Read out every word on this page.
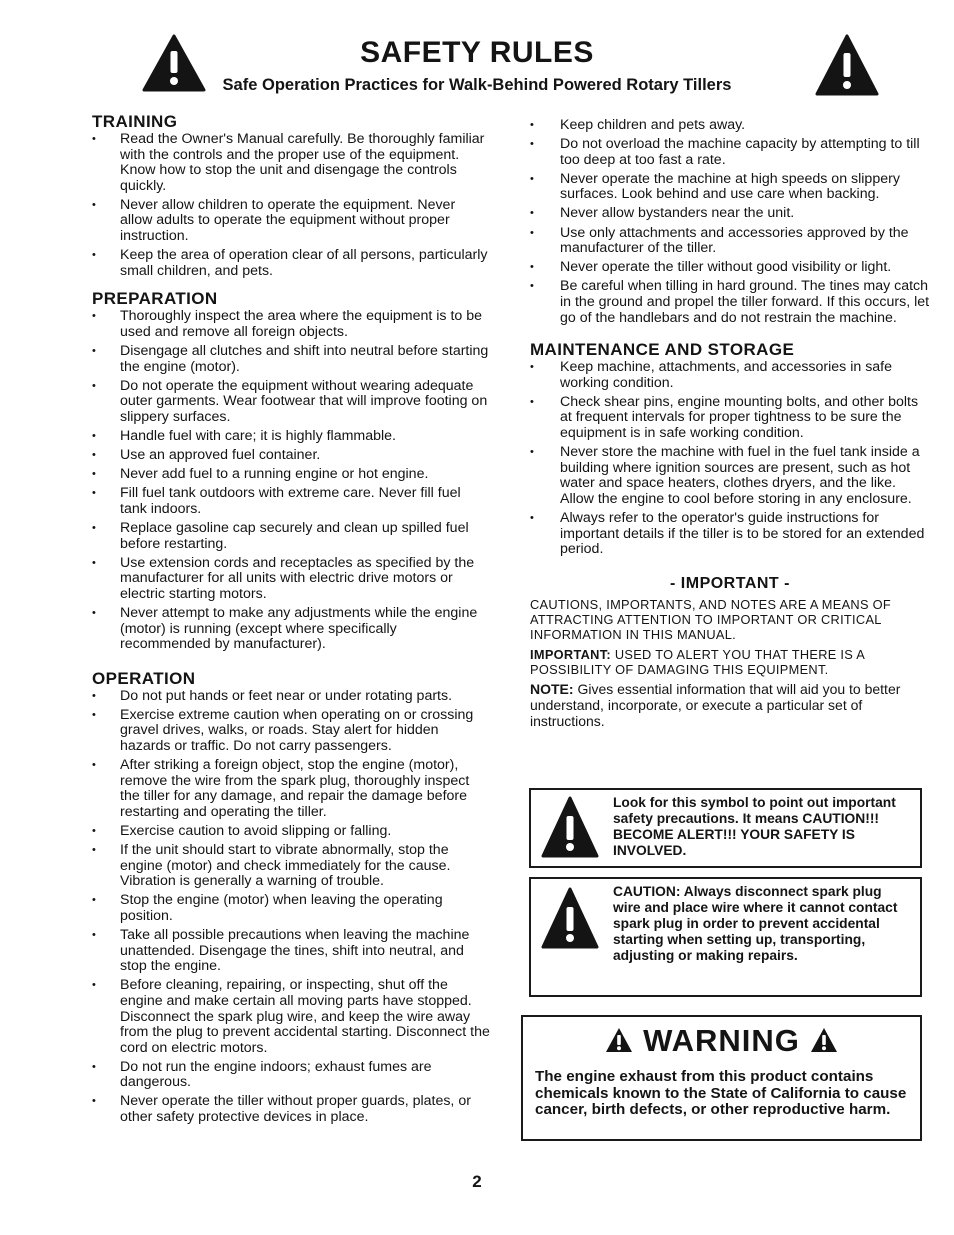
SAFETY RULES
Safe Operation Practices for Walk-Behind Powered Rotary Tillers
TRAINING
• Read the Owner's Manual carefully. Be thoroughly familiar with the controls and the proper use of the equipment. Know how to stop the unit and disengage the controls quickly.
• Never allow children to operate the equipment. Never allow adults to operate the equipment without proper instruction.
• Keep the area of operation clear of all persons, particularly small children, and pets.
PREPARATION
• Thoroughly inspect the area where the equipment is to be used and remove all foreign objects.
• Disengage all clutches and shift into neutral before starting the engine (motor).
• Do not operate the equipment without wearing adequate outer garments. Wear footwear that will improve footing on slippery surfaces.
• Handle fuel with care; it is highly flammable.
• Use an approved fuel container.
• Never add fuel to a running engine or hot engine.
• Fill fuel tank outdoors with extreme care. Never fill fuel tank indoors.
• Replace gasoline cap securely and clean up spilled fuel before restarting.
• Use extension cords and receptacles as specified by the manufacturer for all units with electric drive motors or electric starting motors.
• Never attempt to make any adjustments while the engine (motor) is running (except where specifically recommended by manufacturer).
OPERATION
• Do not put hands or feet near or under rotating parts.
• Exercise extreme caution when operating on or crossing gravel drives, walks, or roads. Stay alert for hidden hazards or traffic. Do not carry passengers.
• After striking a foreign object, stop the engine (motor), remove the wire from the spark plug, thoroughly inspect the tiller for any damage, and repair the damage before restarting and operating the tiller.
• Exercise caution to avoid slipping or falling.
• If the unit should start to vibrate abnormally, stop the engine (motor) and check immediately for the cause. Vibration is generally a warning of trouble.
• Stop the engine (motor) when leaving the operating position.
• Take all possible precautions when leaving the machine unattended. Disengage the tines, shift into neutral, and stop the engine.
• Before cleaning, repairing, or inspecting, shut off the engine and make certain all moving parts have stopped. Disconnect the spark plug wire, and keep the wire away from the plug to prevent accidental starting. Disconnect the cord on electric motors.
• Do not run the engine indoors; exhaust fumes are dangerous.
• Never operate the tiller without proper guards, plates, or other safety protective devices in place.
• Keep children and pets away.
• Do not overload the machine capacity by attempting to till too deep at too fast a rate.
• Never operate the machine at high speeds on slippery surfaces. Look behind and use care when backing.
• Never allow bystanders near the unit.
• Use only attachments and accessories approved by the manufacturer of the tiller.
• Never operate the tiller without good visibility or light.
• Be careful when tilling in hard ground. The tines may catch in the ground and propel the tiller forward. If this occurs, let go of the handlebars and do not restrain the machine.
MAINTENANCE AND STORAGE
• Keep machine, attachments, and accessories in safe working condition.
• Check shear pins, engine mounting bolts, and other bolts at frequent intervals for proper tightness to be sure the equipment is in safe working condition.
• Never store the machine with fuel in the fuel tank inside a building where ignition sources are present, such as hot water and space heaters, clothes dryers, and the like. Allow the engine to cool before storing in any enclosure.
• Always refer to the operator's guide instructions for important details if the tiller is to be stored for an extended period.
- IMPORTANT -

CAUTIONS, IMPORTANTS, AND NOTES ARE A MEANS OF ATTRACTING ATTENTION TO IMPORTANT OR CRITICAL INFORMATION IN THIS MANUAL.

IMPORTANT: USED TO ALERT YOU THAT THERE IS A POSSIBILITY OF DAMAGING THIS EQUIPMENT.

NOTE: Gives essential information that will aid you to better understand, incorporate, or execute a particular set of instructions.

Look for this symbol to point out important safety precautions. It means CAUTION!!! BECOME ALERT!!! YOUR SAFETY IS INVOLVED.
CAUTION: Always disconnect spark plug wire and place wire where it cannot contact spark plug in order to prevent accidental starting when setting up, transporting, adjusting or making repairs.
WARNING
The engine exhaust from this product contains chemicals known to the State of California to cause cancer, birth defects, or other reproductive harm.
2
